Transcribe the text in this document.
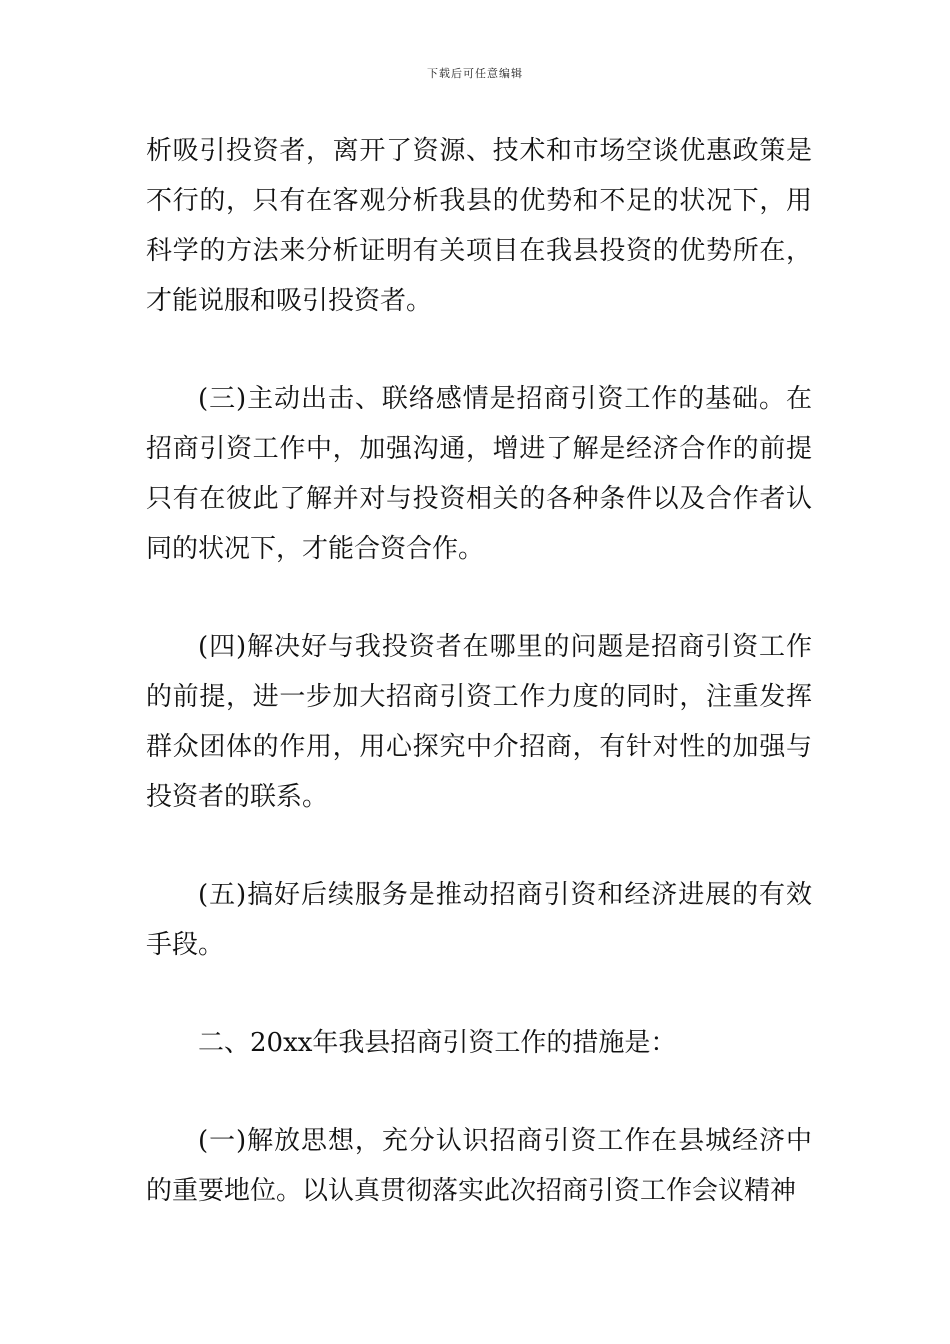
下载后可任意编辑

析吸引投资者，离开了资源、技术和市场空谈优惠政策是不行的，只有在客观分析我县的优势和不足的状况下，用科学的方法来分析证明有关项目在我县投资的优势所在，才能说服和吸引投资者。

(三)主动出击、联络感情是招商引资工作的基础。在招商引资工作中，加强沟通，增进了解是经济合作的前提只有在彼此了解并对与投资相关的各种条件以及合作者认同的状况下，才能合资合作。

(四)解决好与我投资者在哪里的问题是招商引资工作的前提，进一步加大招商引资工作力度的同时，注重发挥群众团体的作用，用心探究中介招商，有针对性的加强与投资者的联系。

(五)搞好后续服务是推动招商引资和经济进展的有效手段。

二、20xx年我县招商引资工作的措施是：

(一)解放思想，充分认识招商引资工作在县城经济中的重要地位。以认真贯彻落实此次招商引资工作会议精神
